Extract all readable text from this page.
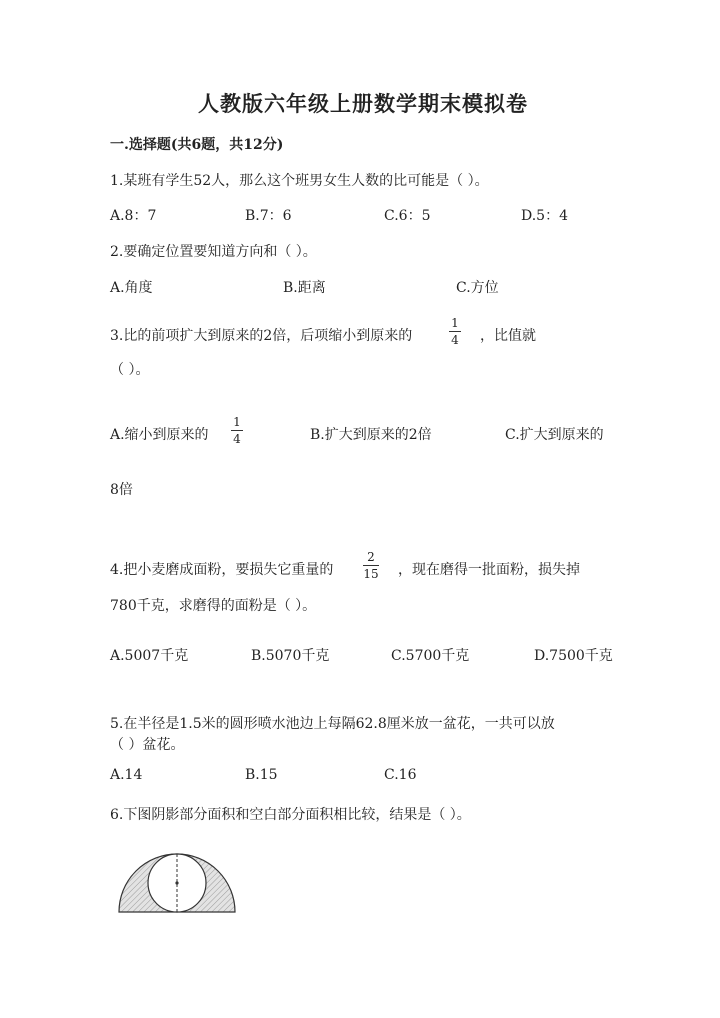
人教版六年级上册数学期末模拟卷
一.选择题(共6题，共12分)
1.某班有学生52人，那么这个班男女生人数的比可能是（ ）。
A.8：7	B.7：6	C.6：5	D.5：4
2.要确定位置要知道方向和（ ）。
A.角度	B.距离	C.方位
3.比的前项扩大到原来的2倍，后项缩小到原来的
1
4 ，比值就
（ ）。
A.缩小到原来的
1
4	B.扩大到原来的2倍	C.扩大到原来的
8倍
4.把小麦磨成面粉，要损失它重量的
2
15 ，现在磨得一批面粉，损失掉
780千克，求磨得的面粉是（ ）。
A.5007千克	B.5070千克	C.5700千克	D.7500千克
5.在半径是1.5米的圆形喷水池边上每隔62.8厘米放一盆花，一共可以放
（ ）盆花。
A.14	B.15	C.16
6.下图阴影部分面积和空白部分面积相比较，结果是（ ）。
